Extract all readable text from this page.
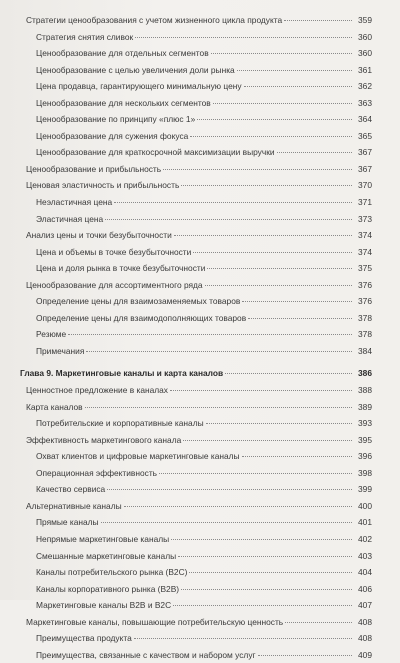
Стратегии ценообразования с учетом жизненного цикла продукта	359
Стратегия снятия сливок	360
Ценообразование для отдельных сегментов	360
Ценообразование с целью увеличения доли рынка	361
Цена продавца, гарантирующего минимальную цену	362
Ценообразование для нескольких сегментов	363
Ценообразование по принципу «плюс 1»	364
Ценообразование для сужения фокуса	365
Ценообразование для краткосрочной максимизации выручки	367
Ценообразование и прибыльность	367
Ценовая эластичность и прибыльность	370
Неэластичная цена	371
Эластичная цена	373
Анализ цены и точки безубыточности	374
Цена и объемы в точке безубыточности	374
Цена и доля рынка в точке безубыточности	375
Ценообразование для ассортиментного ряда	376
Определение цены для взаимозаменяемых товаров	376
Определение цены для взаимодополняющих товаров	378
Резюме	378
Примечания	384
Глава 9. Маркетинговые каналы и карта каналов	386
Ценностное предложение в каналах	388
Карта каналов	389
Потребительские и корпоративные каналы	393
Эффективность маркетингового канала	395
Охват клиентов и цифровые маркетинговые каналы	396
Операционная эффективность	398
Качество сервиса	399
Альтернативные каналы	400
Прямые каналы	401
Непрямые маркетинговые каналы	402
Смешанные маркетинговые каналы	403
Каналы потребительского рынка (B2C)	404
Каналы корпоративного рынка (B2B)	406
Маркетинговые каналы B2B и B2C	407
Маркетинговые каналы, повышающие потребительскую ценность	408
Преимущества продукта	408
Преимущества, связанные с качеством и набором услуг	409
